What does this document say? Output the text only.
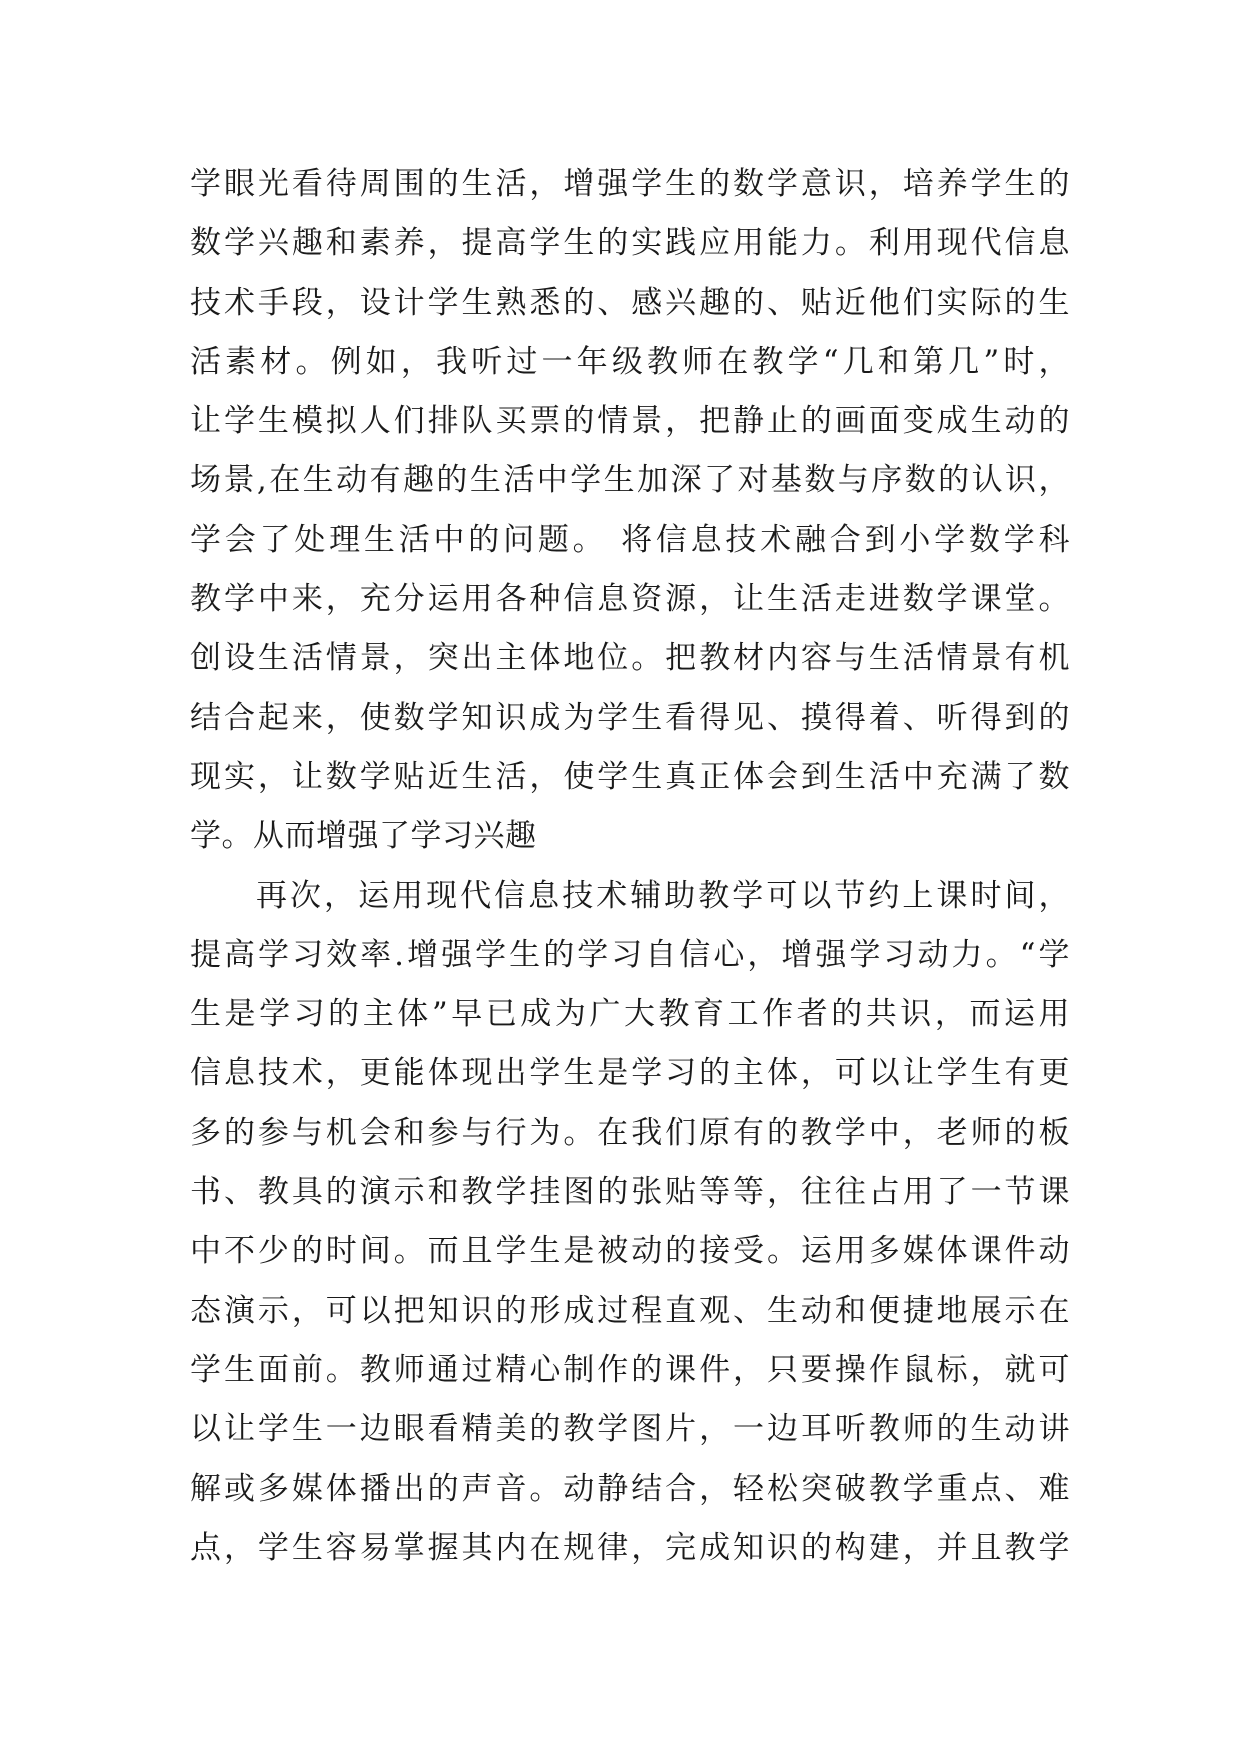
学眼光看待周围的生活，增强学生的数学意识，培养学生的
数学兴趣和素养，提高学生的实践应用能力。利用现代信息
技术手段，设计学生熟悉的、感兴趣的、贴近他们实际的生
活素材。例如，我听过一年级教师在教学“几和第几”时，
让学生模拟人们排队买票的情景，把静止的画面变成生动的
场景,在生动有趣的生活中学生加深了对基数与序数的认识，
学会了处理生活中的问题。 将信息技术融合到小学数学科
教学中来，充分运用各种信息资源，让生活走进数学课堂。
创设生活情景，突出主体地位。把教材内容与生活情景有机
结合起来，使数学知识成为学生看得见、摸得着、听得到的
现实，让数学贴近生活，使学生真正体会到生活中充满了数
学。从而增强了学习兴趣
再次，运用现代信息技术辅助教学可以节约上课时间，
提高学习效率.增强学生的学习自信心，增强学习动力。“学
生是学习的主体”早已成为广大教育工作者的共识，而运用
信息技术，更能体现出学生是学习的主体，可以让学生有更
多的参与机会和参与行为。在我们原有的教学中，老师的板
书、教具的演示和教学挂图的张贴等等，往往占用了一节课
中不少的时间。而且学生是被动的接受。运用多媒体课件动
态演示，可以把知识的形成过程直观、生动和便捷地展示在
学生面前。教师通过精心制作的课件，只要操作鼠标，就可
以让学生一边眼看精美的教学图片，一边耳听教师的生动讲
解或多媒体播出的声音。动静结合，轻松突破教学重点、难
点，学生容易掌握其内在规律，完成知识的构建，并且教学
